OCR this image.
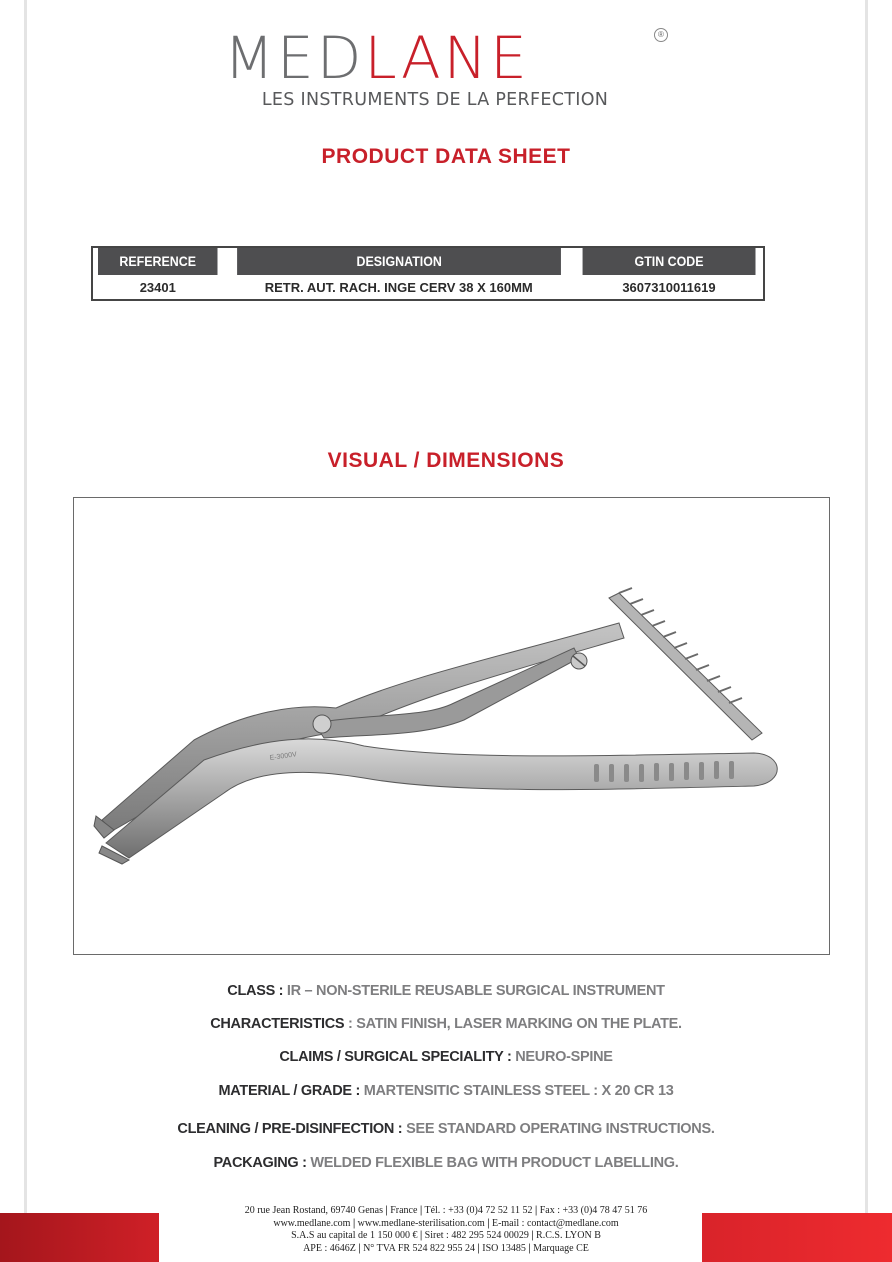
MEDLANE	®
LES INSTRUMENTS DE LA PERFECTION
PRODUCT DATA SHEET
REFERENCE	DESIGNATION	GTIN CODE
23401	RETR. AUT. RACH. INGE CERV 38 X 160MM	3607310011619
VISUAL / DIMENSIONS
E-3000V
CLASS : IR – NON-STERILE REUSABLE SURGICAL INSTRUMENT
CHARACTERISTICS : SATIN FINISH, LASER MARKING ON THE PLATE.
CLAIMS / SURGICAL SPECIALITY : NEURO-SPINE
MATERIAL / GRADE : MARTENSITIC STAINLESS STEEL : X 20 CR 13
CLEANING / PRE-DISINFECTION : SEE STANDARD OPERATING INSTRUCTIONS.
PACKAGING : WELDED FLEXIBLE BAG WITH PRODUCT LABELLING.
20 rue Jean Rostand, 69740 Genas | France | Tél. : +33 (0)4 72 52 11 52 | Fax : +33 (0)4 78 47 51 76
www.medlane.com | www.medlane-sterilisation.com | E-mail : contact@medlane.com
S.A.S au capital de 1 150 000 € | Siret : 482 295 524 00029 | R.C.S. LYON B
APE : 4646Z | N° TVA FR 524 822 955 24 | ISO 13485 | Marquage CE
